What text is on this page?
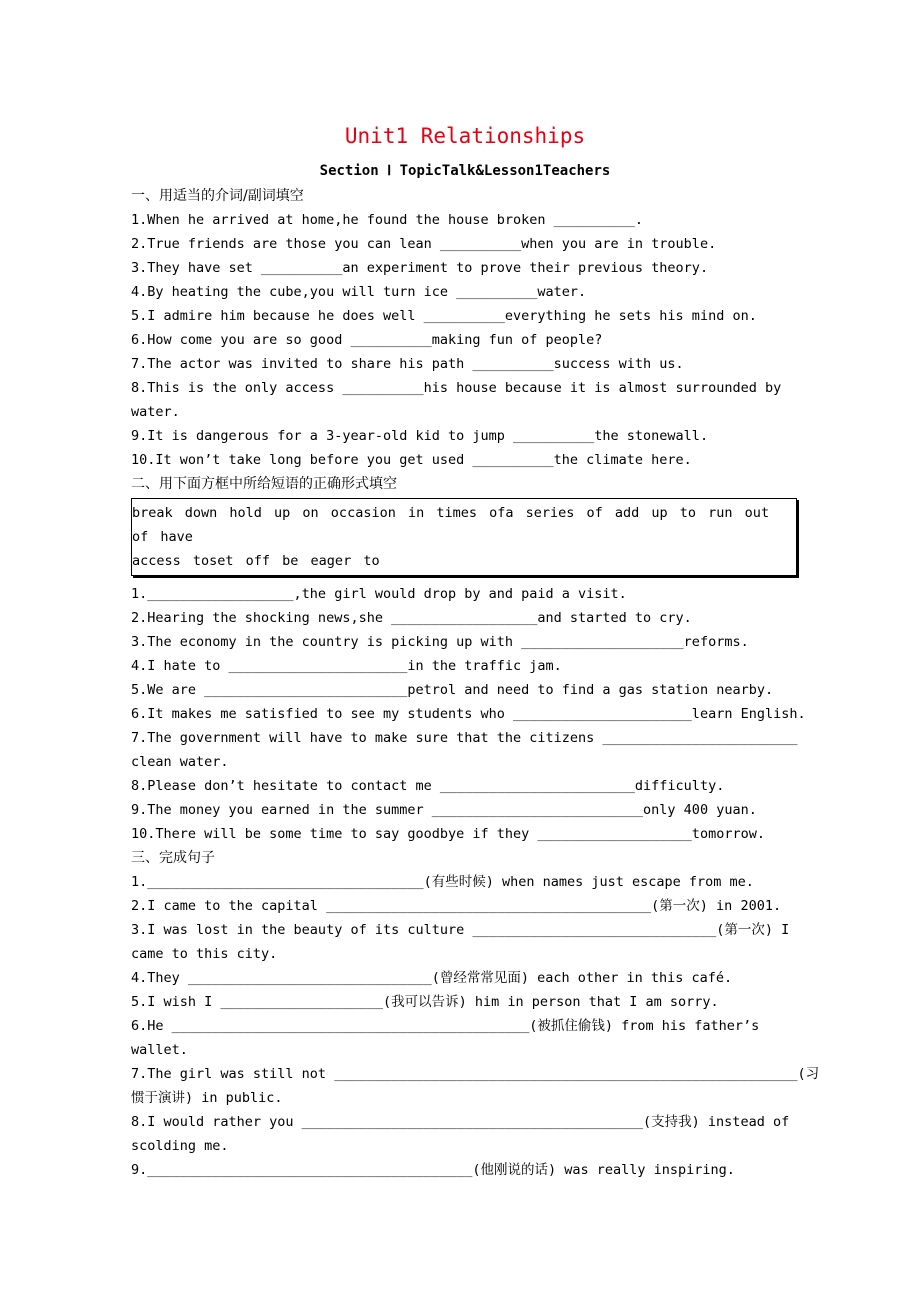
Unit1 Relationships
Section Ⅰ TopicTalk&Lesson1Teachers
一、用适当的介词/副词填空
1.When he arrived at home,he found the house broken __________.
2.True friends are those you can lean __________when you are in trouble.
3.They have set __________an experiment to prove their previous theory.
4.By heating the cube,you will turn ice __________water.
5.I admire him because he does well __________everything he sets his mind on.
6.How come you are so good __________making fun of people?
7.The actor was invited to share his path __________success with us.
8.This is the only access __________his house because it is almost surrounded by
water.
9.It is dangerous for a 3-year-old kid to jump __________the stonewall.
10.It won’t take long before you get used __________the climate here.
二、用下面方框中所给短语的正确形式填空
break down hold up on occasion in times ofa series of add up to run out of have
access toset off be eager to
1.__________________,the girl would drop by and paid a visit.
2.Hearing the shocking news,she __________________and started to cry.
3.The economy in the country is picking up with ____________________reforms.
4.I hate to ______________________in the traffic jam.
5.We are _________________________petrol and need to find a gas station nearby.
6.It makes me satisfied to see my students who ______________________learn English.
7.The government will have to make sure that the citizens ________________________
clean water.
8.Please don’t hesitate to contact me ________________________difficulty.
9.The money you earned in the summer __________________________only 400 yuan.
10.There will be some time to say goodbye if they ___________________tomorrow.
三、完成句子
1.__________________________________(有些时候) when names just escape from me.
2.I came to the capital ________________________________________(第一次) in 2001.
3.I was lost in the beauty of its culture ______________________________(第一次) I
came to this city.
4.They ______________________________(曾经常常见面) each other in this café.
5.I wish I ____________________(我可以告诉) him in person that I am sorry.
6.He ____________________________________________(被抓住偷钱) from his father’s
wallet.
7.The girl was still not _________________________________________________________(习
惯于演讲) in public.
8.I would rather you __________________________________________(支持我) instead of
scolding me.
9.________________________________________(他刚说的话) was really inspiring.
